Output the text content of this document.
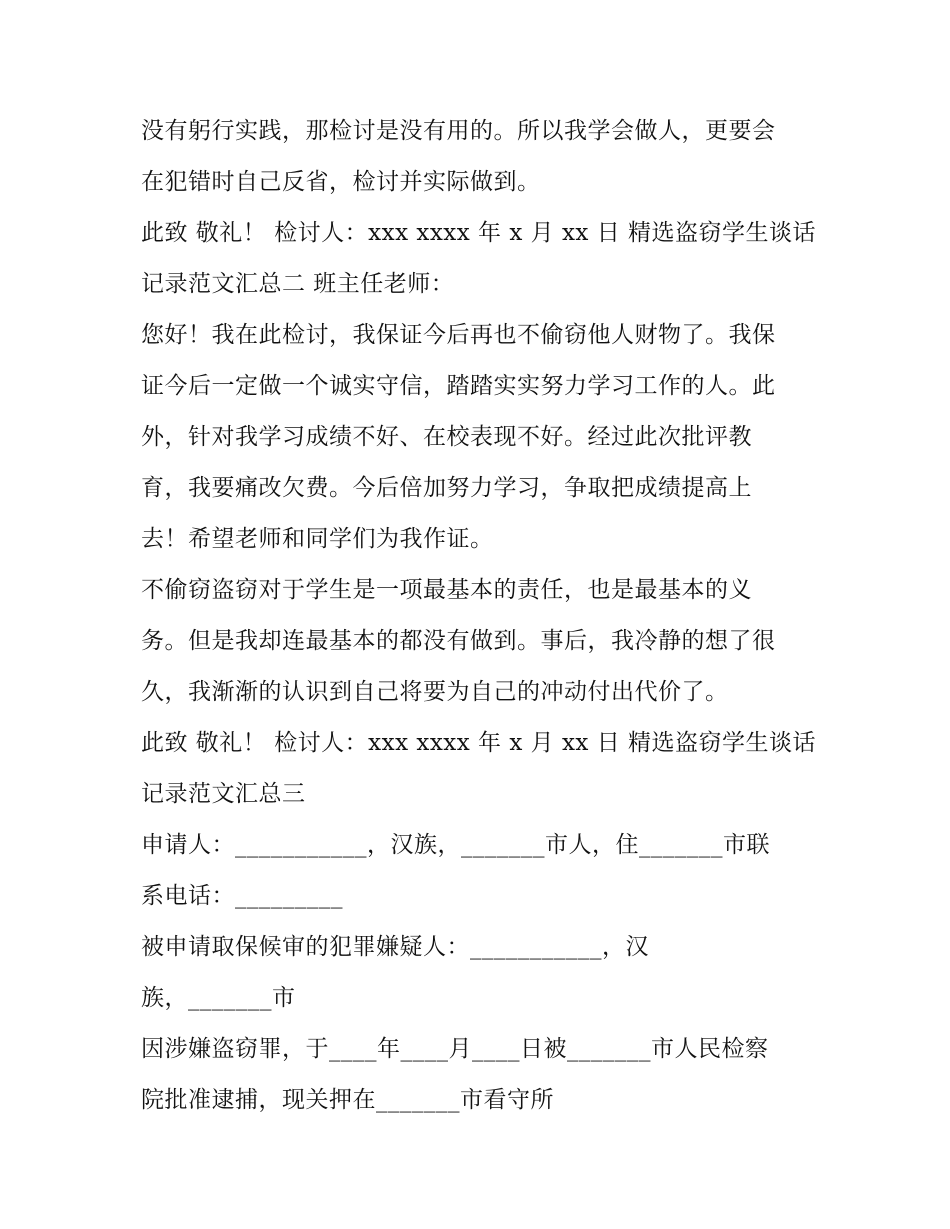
没有躬行实践，那检讨是没有用的。所以我学会做人，更要会
在犯错时自己反省，检讨并实际做到。
此致 敬礼！ 检讨人：xxx xxxx 年 x 月 xx 日 精选盗窃学生谈话
记录范文汇总二 班主任老师：
您好！我在此检讨，我保证今后再也不偷窃他人财物了。我保
证今后一定做一个诚实守信，踏踏实实努力学习工作的人。此
外，针对我学习成绩不好、在校表现不好。经过此次批评教
育，我要痛改欠费。今后倍加努力学习，争取把成绩提高上
去！希望老师和同学们为我作证。
不偷窃盗窃对于学生是一项最基本的责任，也是最基本的义
务。但是我却连最基本的都没有做到。事后，我冷静的想了很
久，我渐渐的认识到自己将要为自己的冲动付出代价了。
此致 敬礼！ 检讨人：xxx xxxx 年 x 月 xx 日 精选盗窃学生谈话
记录范文汇总三
申请人：___________，汉族，_______市人，住_______市联
系电话：_________
被申请取保候审的犯罪嫌疑人：___________，汉
族，_______市
因涉嫌盗窃罪，于____年____月____日被_______市人民检察
院批准逮捕，现关押在_______市看守所
